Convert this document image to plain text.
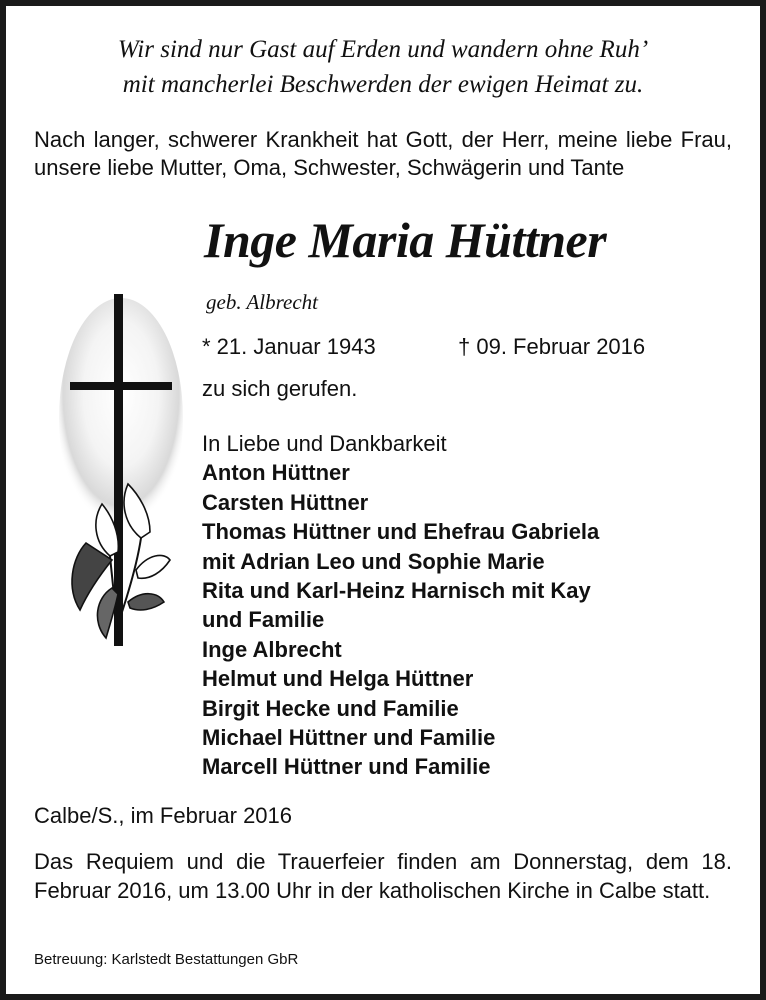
Wir sind nur Gast auf Erden und wandern ohne Ruh’
mit mancherlei Beschwerden der ewigen Heimat zu.
Nach langer, schwerer Krankheit hat Gott, der Herr, meine liebe Frau, unsere liebe Mutter, Oma, Schwester, Schwägerin und Tante
Inge Maria Hüttner
geb. Albrecht
* 21. Januar 1943	† 09. Februar 2016
zu sich gerufen.
In Liebe und Dankbarkeit
Anton Hüttner
Carsten Hüttner
Thomas Hüttner und Ehefrau Gabriela
mit Adrian Leo und Sophie Marie
Rita und Karl-Heinz Harnisch mit Kay
und Familie
Inge Albrecht
Helmut und Helga Hüttner
Birgit Hecke und Familie
Michael Hüttner und Familie
Marcell Hüttner und Familie
Calbe/S., im Februar 2016
Das Requiem und die Trauerfeier finden am Donnerstag, dem 18. Februar 2016, um 13.00 Uhr in der katholischen Kirche in Calbe statt.
Betreuung: Karlstedt Bestattungen GbR
